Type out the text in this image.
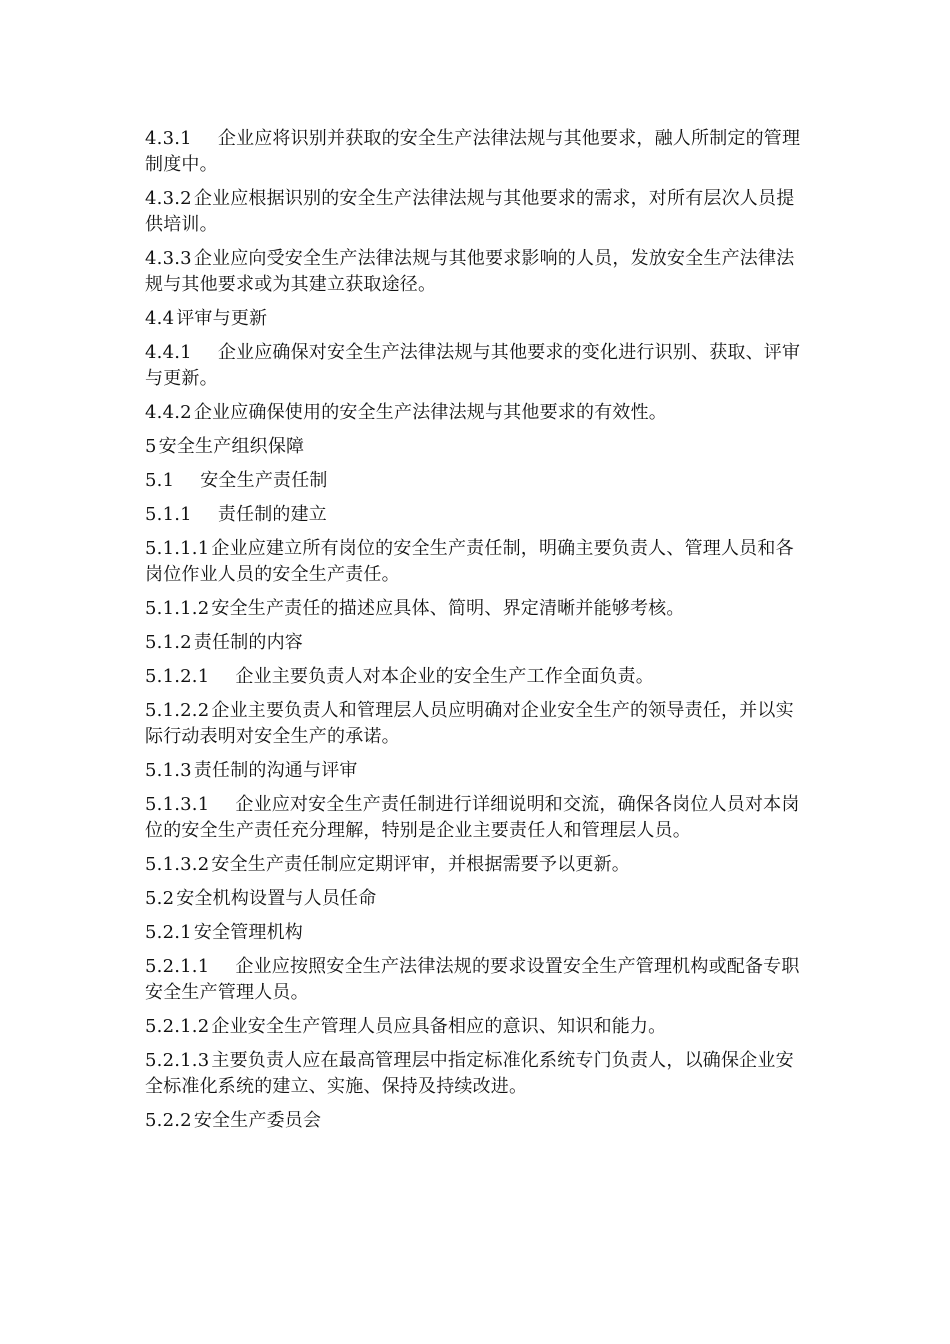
4.3.1 企业应将识别并获取的安全生产法律法规与其他要求，融人所制定的管理制度中。

4.3.2 企业应根据识别的安全生产法律法规与其他要求的需求，对所有层次人员提供培训。

4.3.3 企业应向受安全生产法律法规与其他要求影响的人员，发放安全生产法律法规与其他要求或为其建立获取途径。

4.4 评审与更新

4.4.1 企业应确保对安全生产法律法规与其他要求的变化进行识别、获取、评审与更新。

4.4.2 企业应确保使用的安全生产法律法规与其他要求的有效性。

5 安全生产组织保障

5.1 安全生产责任制

5.1.1 责任制的建立

5.1.1.1 企业应建立所有岗位的安全生产责任制，明确主要负责人、管理人员和各岗位作业人员的安全生产责任。

5.1.1.2 安全生产责任的描述应具体、简明、界定清晰并能够考核。

5.1.2 责任制的内容

5.1.2.1 企业主要负责人对本企业的安全生产工作全面负责。

5.1.2.2 企业主要负责人和管理层人员应明确对企业安全生产的领导责任，并以实际行动表明对安全生产的承诺。

5.1.3 责任制的沟通与评审

5.1.3.1 企业应对安全生产责任制进行详细说明和交流，确保各岗位人员对本岗位的安全生产责任充分理解，特别是企业主要责任人和管理层人员。

5.1.3.2 安全生产责任制应定期评审，并根据需要予以更新。

5.2 安全机构设置与人员任命

5.2.1 安全管理机构

5.2.1.1 企业应按照安全生产法律法规的要求设置安全生产管理机构或配备专职安全生产管理人员。

5.2.1.2 企业安全生产管理人员应具备相应的意识、知识和能力。

5.2.1.3 主要负责人应在最高管理层中指定标准化系统专门负责人，以确保企业安全标准化系统的建立、实施、保持及持续改进。

5.2.2 安全生产委员会
